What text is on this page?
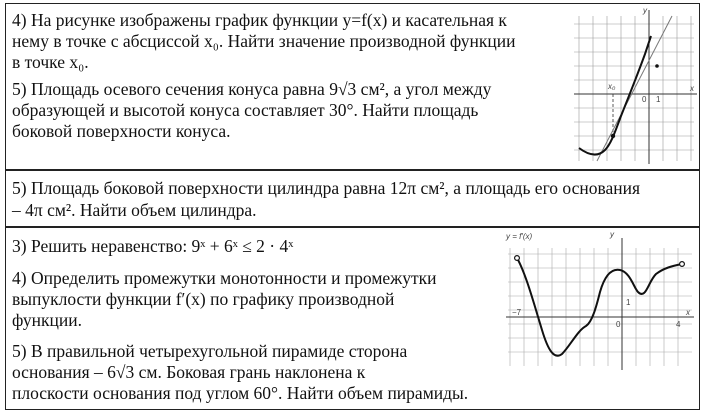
4) На рисунке изображены график функции y=f(x) и касательная к
нему в точке с абсциссой x₀. Найти значение производной функции
в точке x₀.
5) Площадь осевого сечения конуса равна 9√3 см², а угол между
образующей и высотой конуса составляет 30°. Найти площадь
боковой поверхности конуса.
y
x
x₀
0 1
5) Площадь боковой поверхности цилиндра равна 12π см², а площадь его основания
– 4π см². Найти объем цилиндра.
3) Решить неравенство: 9ˣ + 6ˣ ≤ 2 · 4ˣ
4) Определить промежутки монотонности и промежутки
выпуклости функции f′(x) по графику производной
функции.
5) В правильной четырехугольной пирамиде сторона
основания – 6√3 см. Боковая грань наклонена к
плоскости основания под углом 60°. Найти объем пирамиды.
y = f′(x)	y
x
−7
0
1
4
